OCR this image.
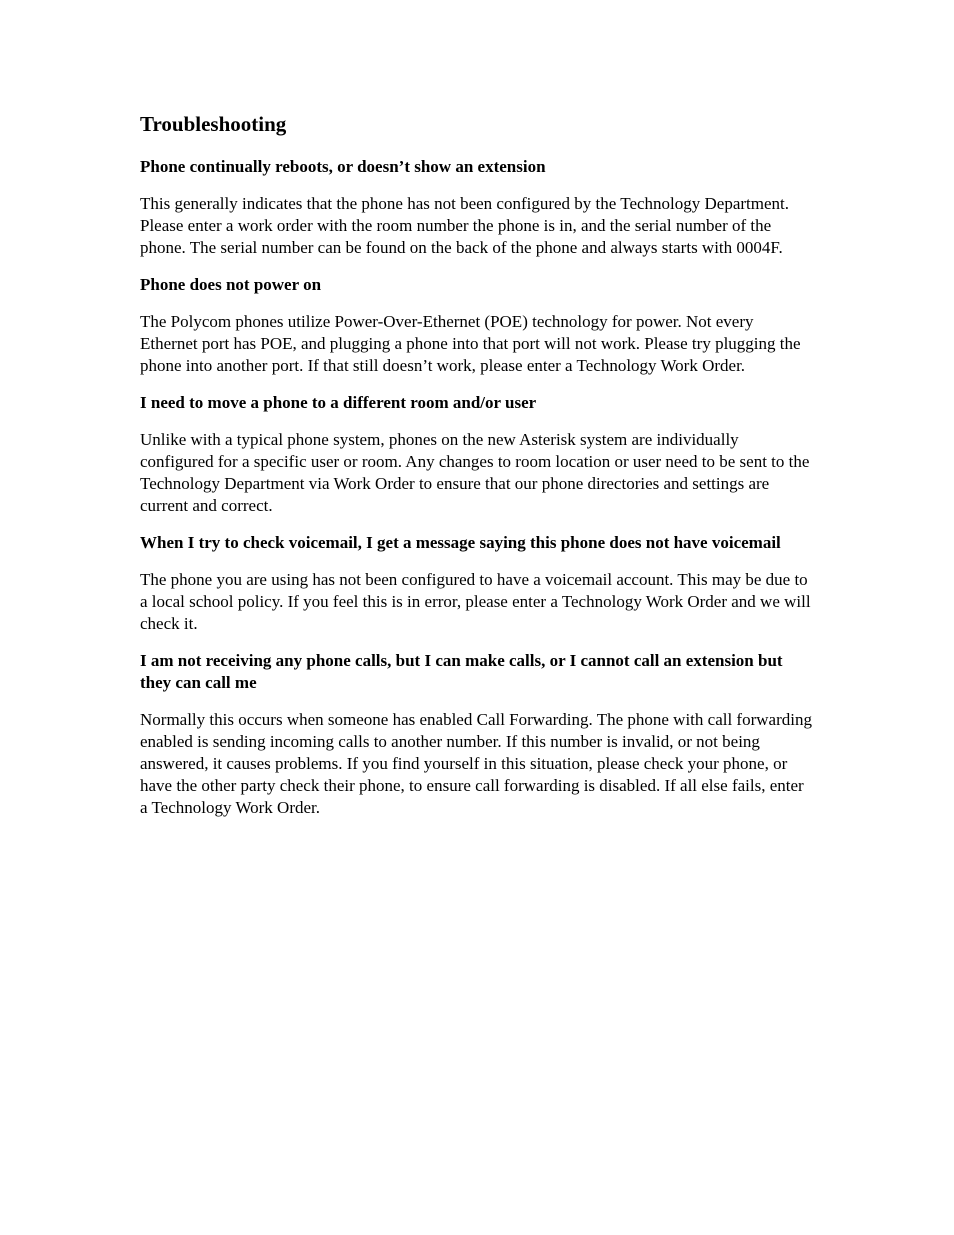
Troubleshooting
Phone continually reboots, or doesn’t show an extension

This generally indicates that the phone has not been configured by the Technology Department. Please enter a work order with the room number the phone is in, and the serial number of the phone. The serial number can be found on the back of the phone and always starts with 0004F.

Phone does not power on

The Polycom phones utilize Power-Over-Ethernet (POE) technology for power. Not every Ethernet port has POE, and plugging a phone into that port will not work. Please try plugging the phone into another port. If that still doesn’t work, please enter a Technology Work Order.

I need to move a phone to a different room and/or user

Unlike with a typical phone system, phones on the new Asterisk system are individually configured for a specific user or room. Any changes to room location or user need to be sent to the Technology Department via Work Order to ensure that our phone directories and settings are current and correct.

When I try to check voicemail, I get a message saying this phone does not have voicemail

The phone you are using has not been configured to have a voicemail account. This may be due to a local school policy. If you feel this is in error, please enter a Technology Work Order and we will check it.

I am not receiving any phone calls, but I can make calls, or I cannot call an extension but they can call me

Normally this occurs when someone has enabled Call Forwarding. The phone with call forwarding enabled is sending incoming calls to another number. If this number is invalid, or not being answered, it causes problems. If you find yourself in this situation, please check your phone, or have the other party check their phone, to ensure call forwarding is disabled. If all else fails, enter a Technology Work Order.
